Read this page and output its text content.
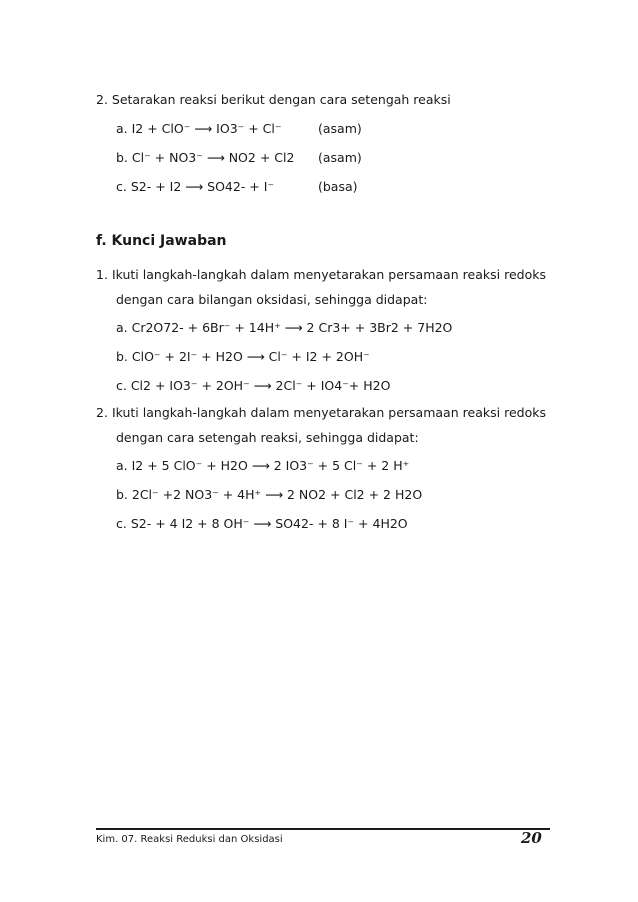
2. Setarakan reaksi berikut dengan cara setengah reaksi
a. I2 + ClO⁻ ⟶ IO3⁻ + Cl⁻	(asam)
b. Cl⁻ + NO3⁻ ⟶ NO2 + Cl2 (asam)
c. S2- + I2 ⟶ SO42- + I⁻	(basa)
f. Kunci Jawaban
1. Ikuti langkah-langkah dalam menyetarakan persamaan reaksi redoks
dengan cara bilangan oksidasi, sehingga didapat:
a. Cr2O72- + 6Br⁻ + 14H⁺ ⟶ 2 Cr3+ + 3Br2 + 7H2O
b. ClO⁻ + 2I⁻ + H2O ⟶ Cl⁻ + I2 + 2OH⁻
c. Cl2 + IO3⁻ + 2OH⁻ ⟶ 2Cl⁻ + IO4⁻+ H2O
2. Ikuti langkah-langkah dalam menyetarakan persamaan reaksi redoks
dengan cara setengah reaksi, sehingga didapat:
a. I2 + 5 ClO⁻ + H2O ⟶ 2 IO3⁻ + 5 Cl⁻ + 2 H⁺
b. 2Cl⁻ +2 NO3⁻ + 4H⁺ ⟶ 2 NO2 + Cl2 + 2 H2O
c. S2- + 4 I2 + 8 OH⁻ ⟶ SO42- + 8 I⁻ + 4H2O
Kim. 07. Reaksi Reduksi dan Oksidasi	20
